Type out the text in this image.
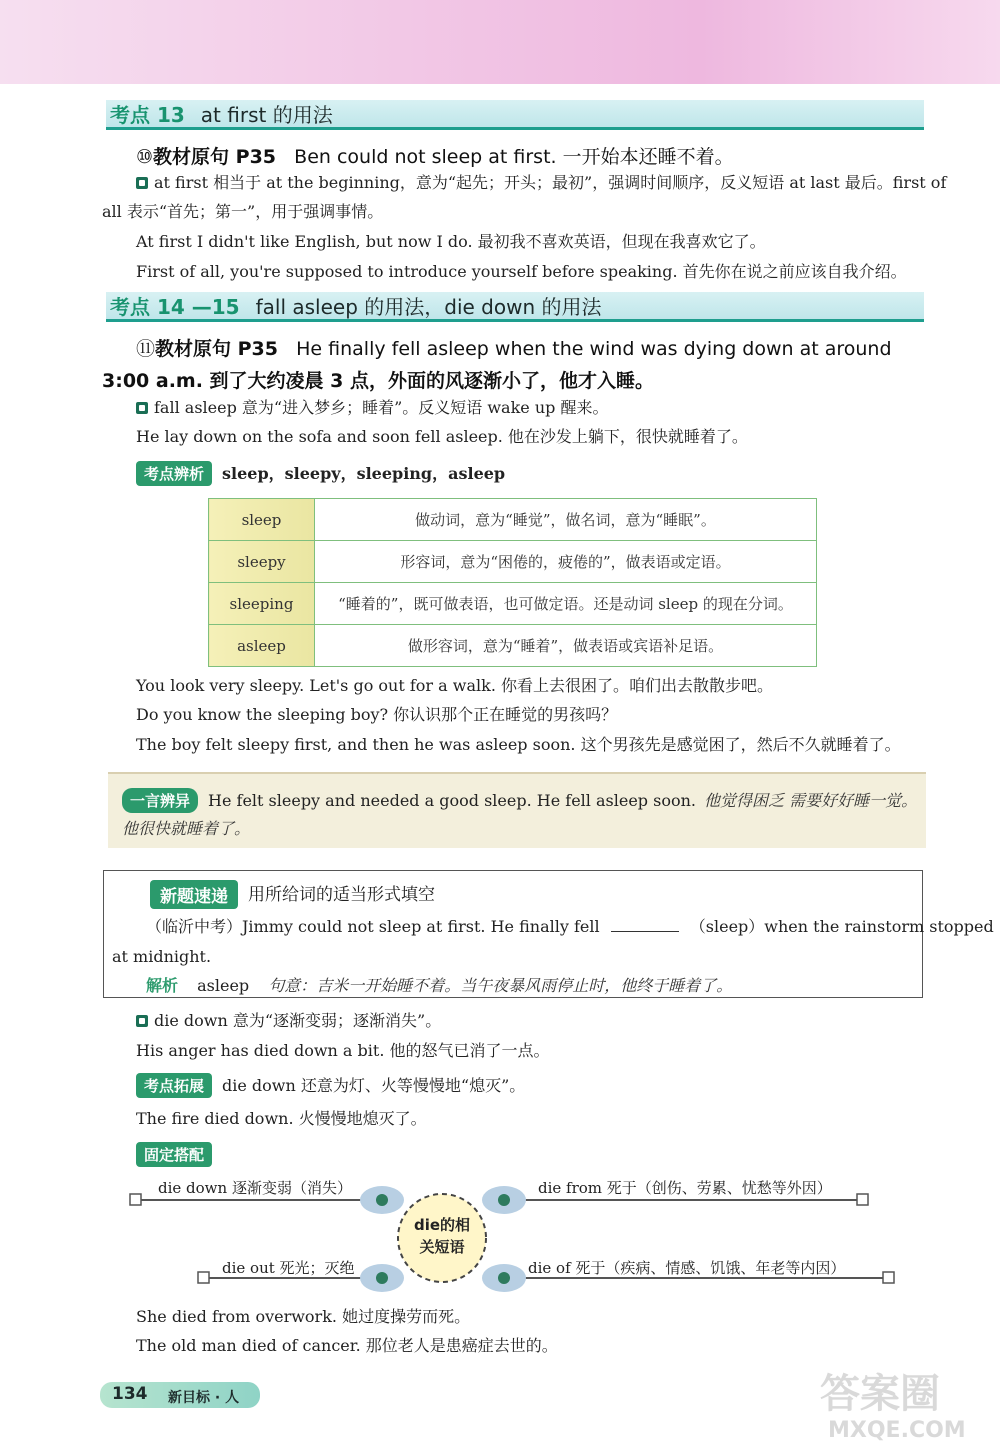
考点 13 at first 的用法
⑩教材原句 P35 Ben could not sleep at first. 一开始本还睡不着。
at first 相当于 at the beginning，意为“起先；开头；最初”，强调时间顺序，反义短语 at last 最后。first of
all 表示“首先；第一”，用于强调事情。
At first I didn't like English, but now I do. 最初我不喜欢英语，但现在我喜欢它了。
First of all, you're supposed to introduce yourself before speaking. 首先你在说之前应该自我介绍。
考点 14 —15 fall asleep 的用法，die down 的用法
⑪教材原句 P35 He finally fell asleep when the wind was dying down at around
3:00 a.m. 到了大约凌晨 3 点，外面的风逐渐小了，他才入睡。
fall asleep 意为“进入梦乡；睡着”。反义短语 wake up 醒来。
He lay down on the sofa and soon fell asleep. 他在沙发上躺下，很快就睡着了。
考点辨析	sleep，sleepy，sleeping，asleep
sleep	做动词，意为“睡觉”，做名词，意为“睡眠”。
sleepy	形容词，意为“困倦的，疲倦的”，做表语或定语。
sleeping	“睡着的”，既可做表语，也可做定语。还是动词 sleep 的现在分词。
asleep	做形容词，意为“睡着”，做表语或宾语补足语。
You look very sleepy. Let's go out for a walk. 你看上去很困了。咱们出去散散步吧。
Do you know the sleeping boy? 你认识那个正在睡觉的男孩吗？
The boy felt sleepy first, and then he was asleep soon. 这个男孩先是感觉困了，然后不久就睡着了。
一言辨异	He felt sleepy and needed a good sleep. He fell asleep soon. 他觉得困乏 需要好好睡一觉。
他很快就睡着了。
新题速递	用所给词的适当形式填空
（临沂中考）Jimmy could not sleep at first. He finally fell	（sleep）when the rainstorm stopped
at midnight.
解析 asleep 句意：吉米一开始睡不着。当午夜暴风雨停止时，他终于睡着了。
die down 意为“逐渐变弱；逐渐消失”。
His anger has died down a bit. 他的怒气已消了一点。
考点拓展	die down 还意为灯、火等慢慢地“熄灭”。
The fire died down. 火慢慢地熄灭了。
固定搭配
die的相
关短语
die down 逐渐变弱（消失）	die from 死于（创伤、劳累、忧愁等外因）
die out 死光；灭绝	die of 死于（疾病、情感、饥饿、年老等内因）
She died from overwork. 她过度操劳而死。
The old man died of cancer. 那位老人是患癌症去世的。
134 新目标 · 人	答案圈
MXQE.COM
